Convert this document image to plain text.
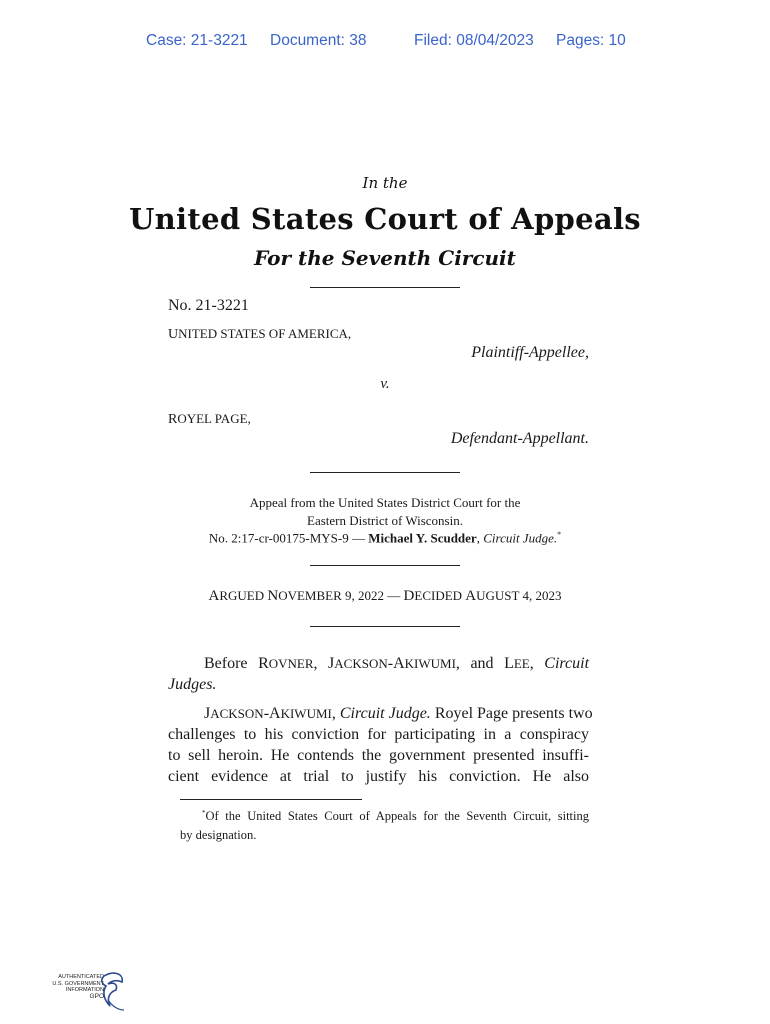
Case: 21-3221 Document: 38	Filed: 08/04/2023 Pages: 10
In the
United States Court of Appeals
For the Seventh Circuit
No. 21-3221
UNITED STATES OF AMERICA,
Plaintiff-Appellee,
v.
ROYEL PAGE,
Defendant-Appellant.
Appeal from the United States District Court for the
Eastern District of Wisconsin.
No. 2:17-cr-00175-MYS-9 — Michael Y. Scudder, Circuit Judge.*
ARGUED NOVEMBER 9, 2022 — DECIDED AUGUST 4, 2023
Before ROVNER, JACKSON-AKIWUMI, and LEE, Circuit
Judges.
JACKSON-AKIWUMI, Circuit Judge. Royel Page presents two
challenges to his conviction for participating in a conspiracy
to sell heroin. He contends the government presented insuffi-
cient evidence at trial to justify his conviction. He also
*Of the United States Court of Appeals for the Seventh Circuit, sitting
by designation.
AUTHENTICATED
U.S. GOVERNMENT
INFORMATION
GPO
